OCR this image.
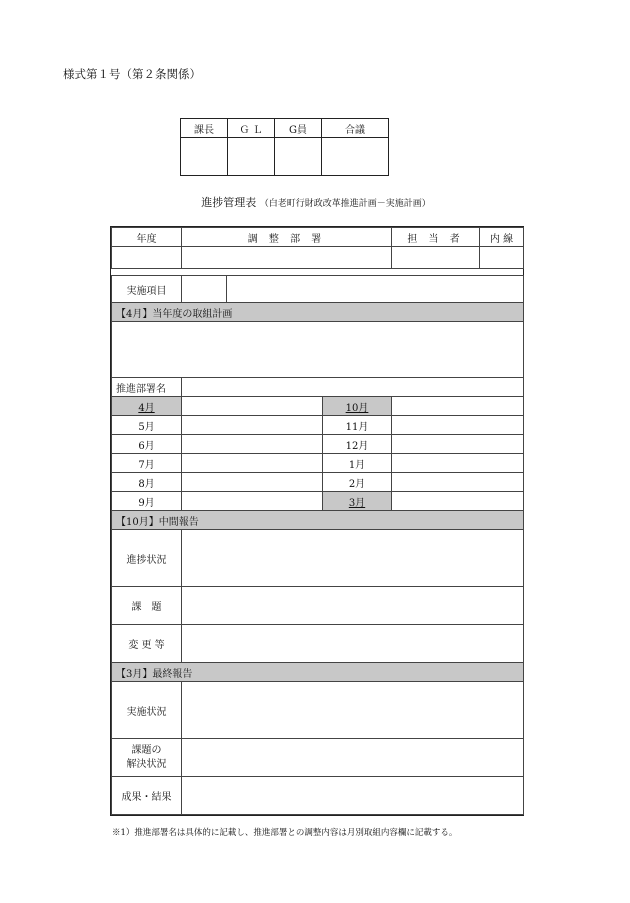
様式第１号（第２条関係）
課長	Ｇ Ｌ	G員	合議

進捗管理表 （白老町行財政改革推進計画－実施計画）
年度	調 整 部 署			担 当 者	内 線

実施項目					
【4月】当年度の取組計画					

推進部署名					
4月			10月		
5月			11月		
6月			12月		
7月			1月		
8月			2月		
9月			3月		
【10月】中間報告					
進捗状況					
課　題					
変 更 等					
【3月】最終報告					
実施状況					
課題の
解決状況					
成果・結果					
※1）推進部署名は具体的に記載し、推進部署との調整内容は月別取組内容欄に記載する。
